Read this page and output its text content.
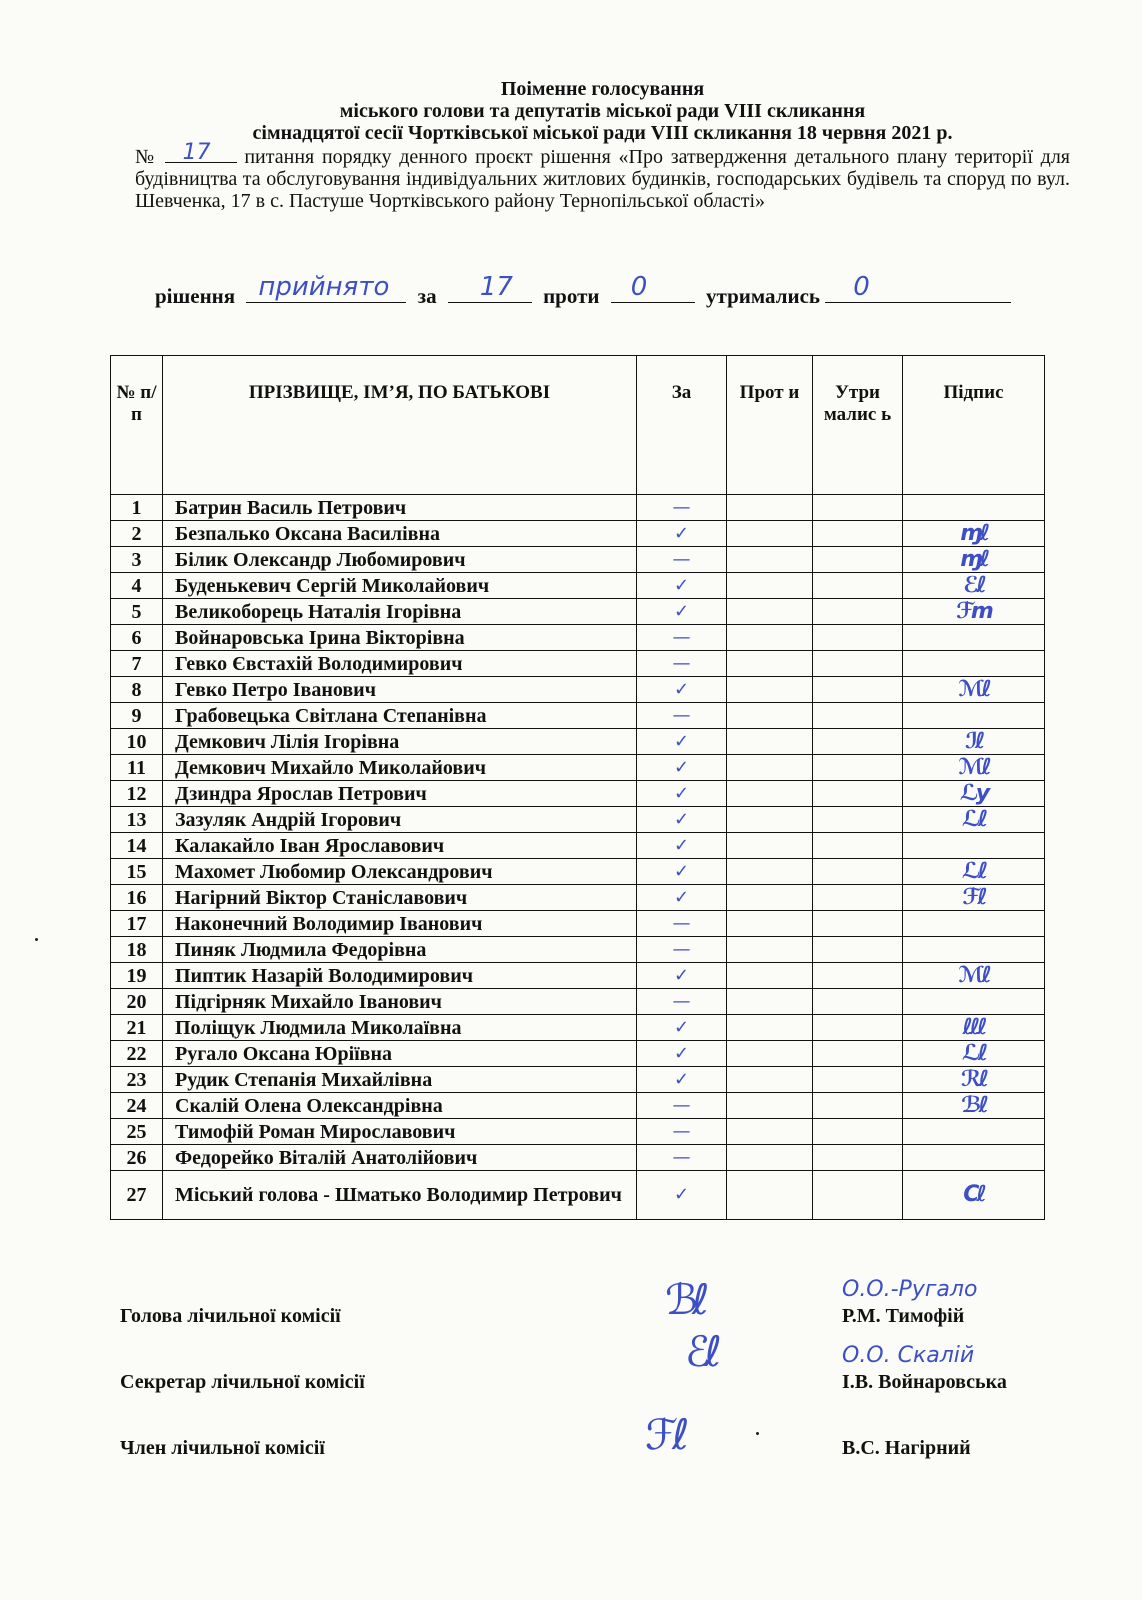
Поіменне голосування

міського голови та депутатів міської ради VIII скликання

сімнадцятої сесії Чортківської міської ради VIII скликання 18 червня 2021 р.

№ 17 питання порядку денного проєкт рішення «Про затвердження детального плану території для будівництва та обслуговування індивідуальних житлових будинків, господарських будівель та споруд по вул. Шевченка, 17 в с. Пастуше Чортківського району Тернопільської області»

рішення прийнято за 17 проти 0	утримались 0
№ п/п	ПРІЗВИЩЕ, ІМ’Я, ПО БАТЬКОВІ	За	Прот и	Утри малис ь	Підпис
1	Батрин Василь Петрович	—			
2	Безпалько Оксана Василівна	✓			ɱℓ
3	Білик Олександр Любомирович	—			ɱℓ
4	Буденькевич Сергій Миколайович	✓			ℰℓ
5	Великоборець Наталія Ігорівна	✓			ℱm
6	Войнаровська Ірина Вікторівна	—			
7	Гевко Євстахій Володимирович	—			
8	Гевко Петро Іванович	✓			ℳℓ
9	Грабовецька Світлана Степанівна	—			
10	Демкович Лілія Ігорівна	✓			ℐℓ
11	Демкович Михайло Миколайович	✓			ℳℓ
12	Дзиндра Ярослав Петрович	✓			ℒy
13	Зазуляк Андрій Ігорович	✓			ℒℓ
14	Калакайло Іван Ярославович	✓			
15	Махомет Любомир Олександрович	✓			ℒℓ
16	Нагірний Віктор Станіславович	✓			ℱℓ
17	Наконечний Володимир Іванович	—			
18	Пиняк Людмила Федорівна	—			
19	Пиптик Назарій Володимирович	✓			ℳℓ
20	Підгірняк Михайло Іванович	—			
21	Поліщук Людмила Миколаївна	✓			ℓℓℓ
22	Ругало Оксана Юріївна	✓			ℒℓ
23	Рудик Степанія Михайлівна	✓			ℛℓ
24	Скалій Олена Олександрівна	—			ℬℓ
25	Тимофій Роман Мирославович	—			
26	Федорейко Віталій Анатолійович	—			
27	Міський голова - Шматько Володимир Петрович	✓			Cℓ
Голова лічильної комісії
О.О.-Ругало
Р.М. Тимофій
Секретар лічильної комісії
О.О. Скалій
І.В. Войнаровська
Член лічильної комісії	В.С. Нагірний
ℬℓ
ℰℓ
ℱℓ
